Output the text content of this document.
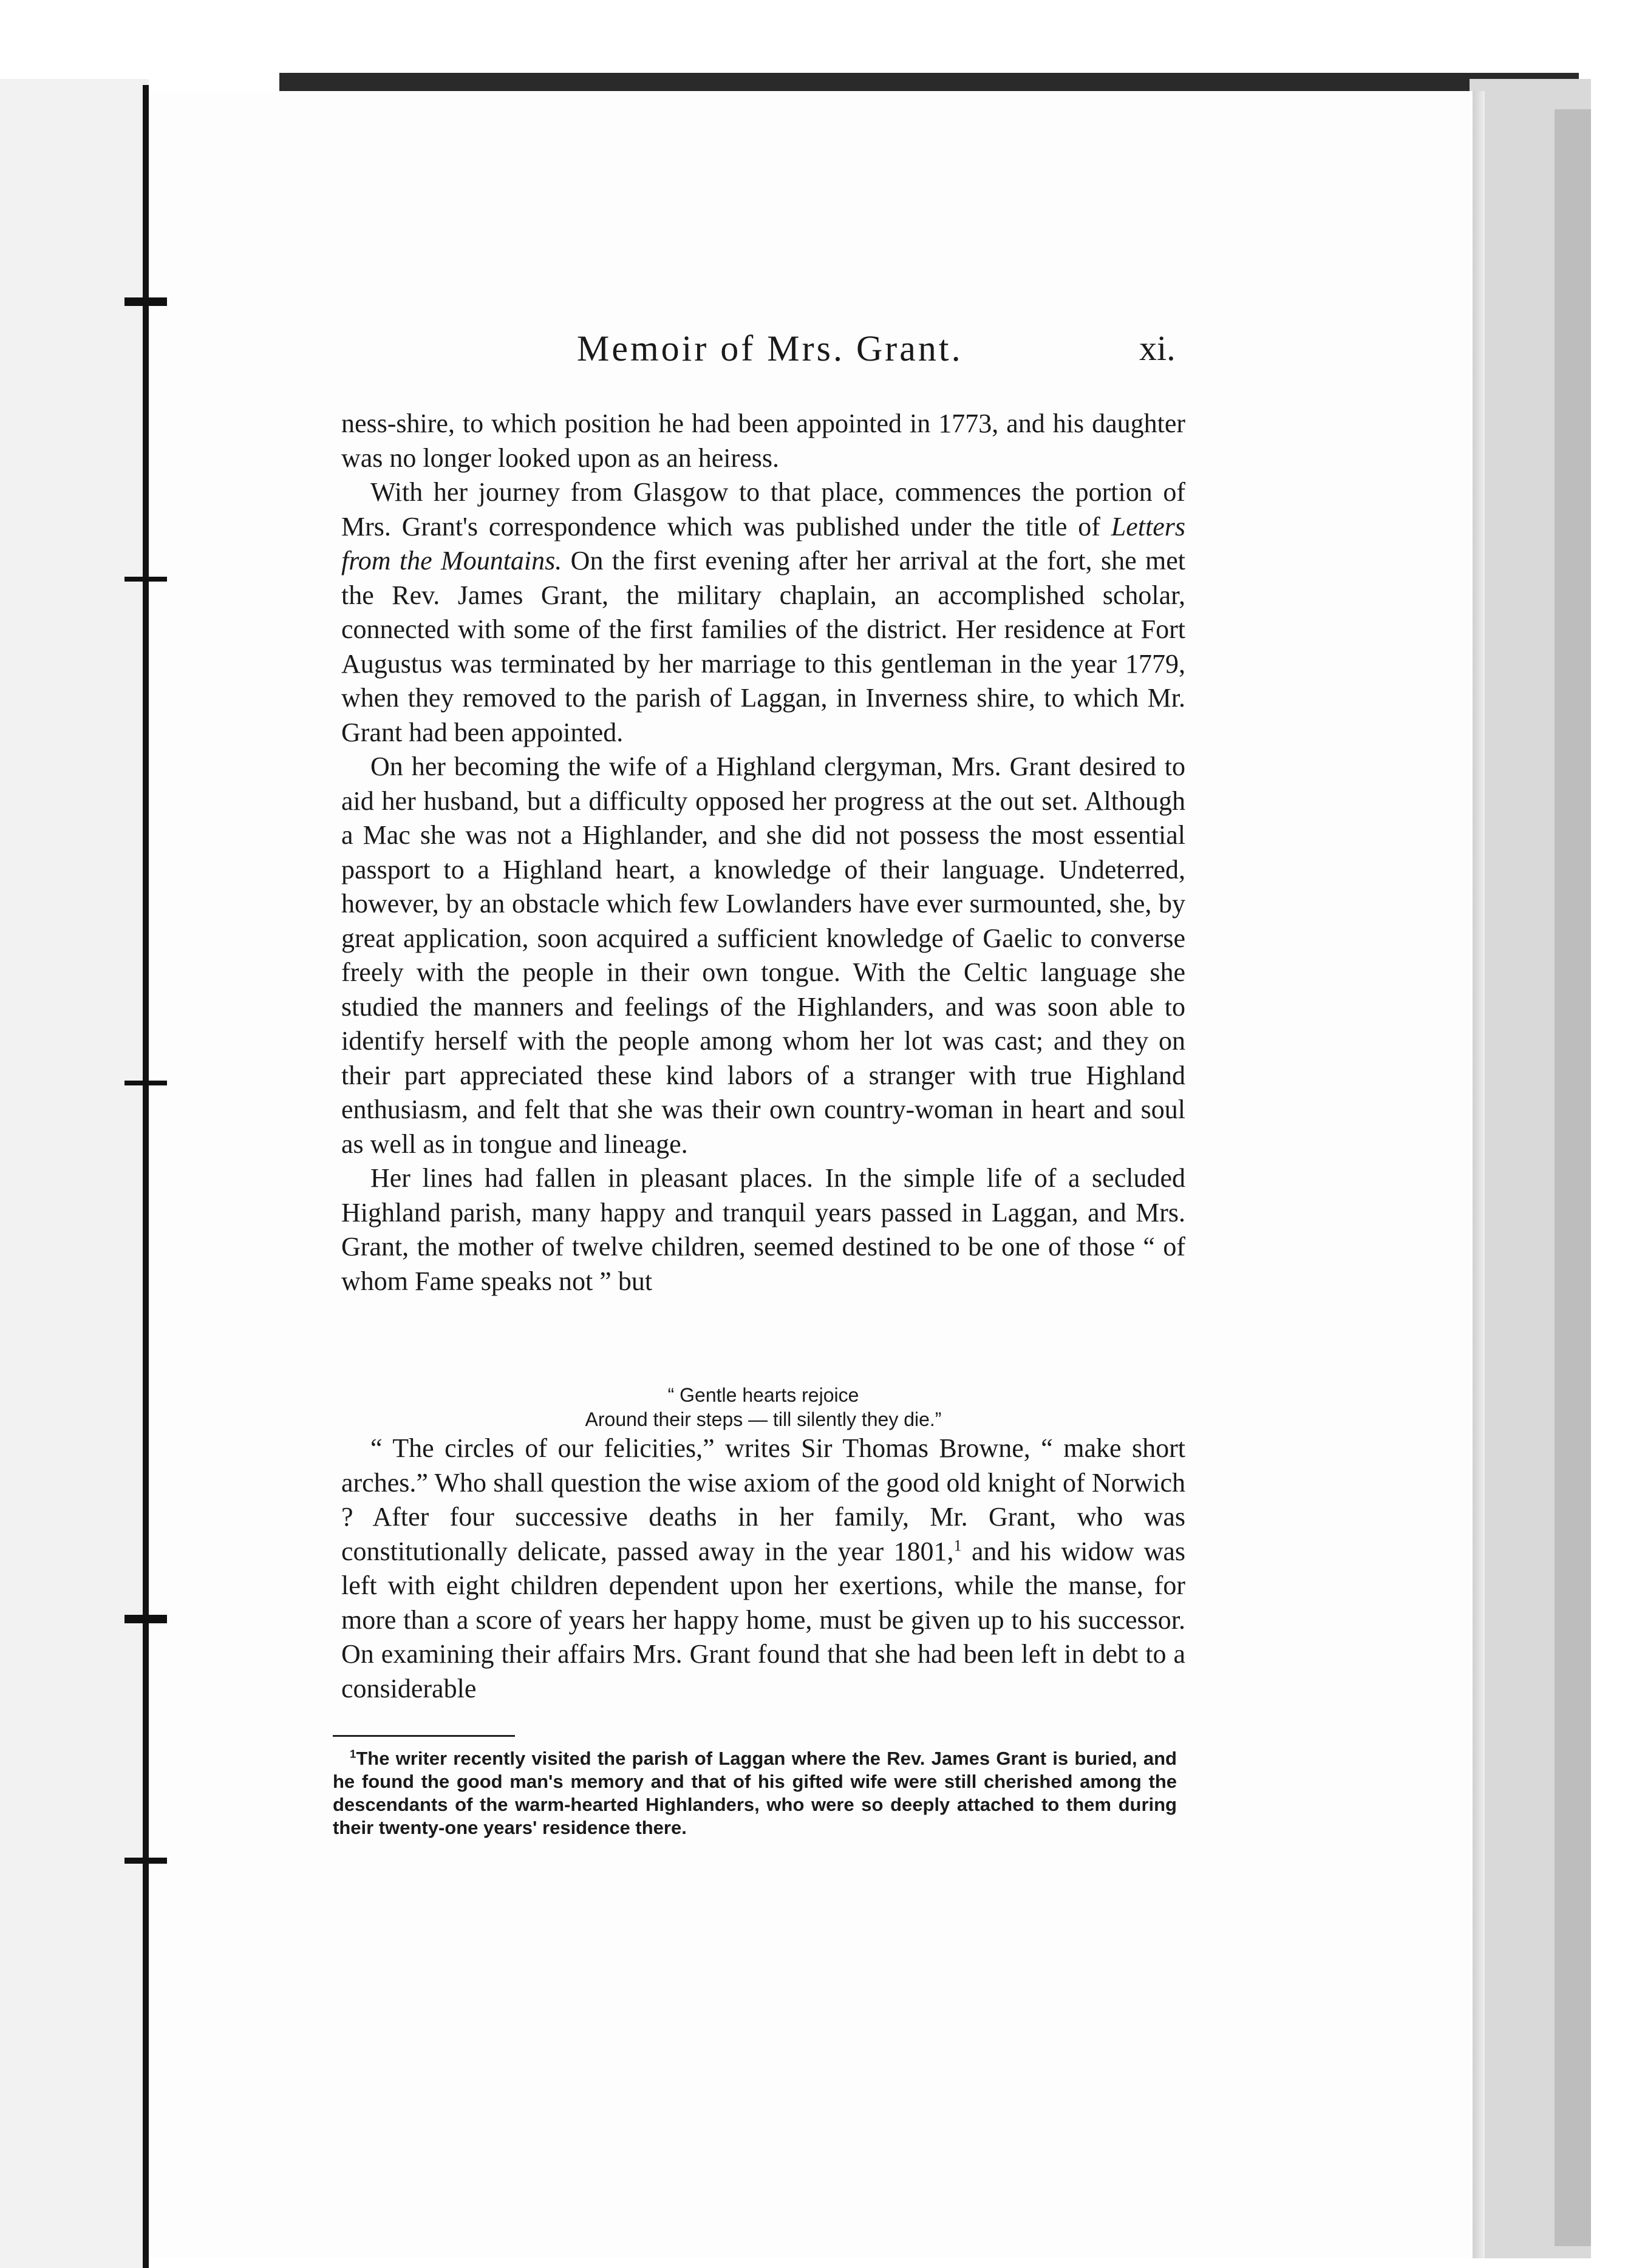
Memoir of Mrs. Grant.	xi.

ness-shire, to which position he had been appointed in 1773, and his daughter was no longer looked upon as an heiress.

With her journey from Glasgow to that place, commences the portion of Mrs. Grant's correspondence which was published under the title of Letters from the Mountains. On the first evening after her arrival at the fort, she met the Rev. James Grant, the military chaplain, an accomplished scholar, connected with some of the first families of the district. Her residence at Fort Augustus was terminated by her marriage to this gentleman in the year 1779, when they removed to the parish of Laggan, in Inverness shire, to which Mr. Grant had been appointed.

On her becoming the wife of a Highland clergyman, Mrs. Grant desired to aid her husband, but a difficulty opposed her progress at the out set. Although a Mac she was not a Highlander, and she did not possess the most essential passport to a Highland heart, a knowledge of their language. Undeterred, however, by an obstacle which few Lowlanders have ever surmounted, she, by great application, soon acquired a sufficient knowledge of Gaelic to converse freely with the people in their own tongue. With the Celtic language she studied the manners and feelings of the Highlanders, and was soon able to identify herself with the people among whom her lot was cast; and they on their part appreciated these kind labors of a stranger with true Highland enthusiasm, and felt that she was their own country-woman in heart and soul as well as in tongue and lineage.

Her lines had fallen in pleasant places. In the simple life of a secluded Highland parish, many happy and tranquil years passed in Laggan, and Mrs. Grant, the mother of twelve children, seemed destined to be one of those “ of whom Fame speaks not ” but

“ Gentle hearts rejoice
Around their steps — till silently they die.”

“ The circles of our felicities,” writes Sir Thomas Browne, “ make short arches.” Who shall question the wise axiom of the good old knight of Norwich ? After four successive deaths in her family, Mr. Grant, who was constitutionally delicate, passed away in the year 1801,$^1$ and his widow was left with eight children dependent upon her exertions, while the manse, for more than a score of years her happy home, must be given up to his successor. On examining their affairs Mrs. Grant found that she had been left in debt to a considerable

$^1$The writer recently visited the parish of Laggan where the Rev. James Grant is buried, and he found the good man's memory and that of his gifted wife were still cherished among the descendants of the warm-hearted Highlanders, who were so deeply attached to them during their twenty-one years' residence there.
